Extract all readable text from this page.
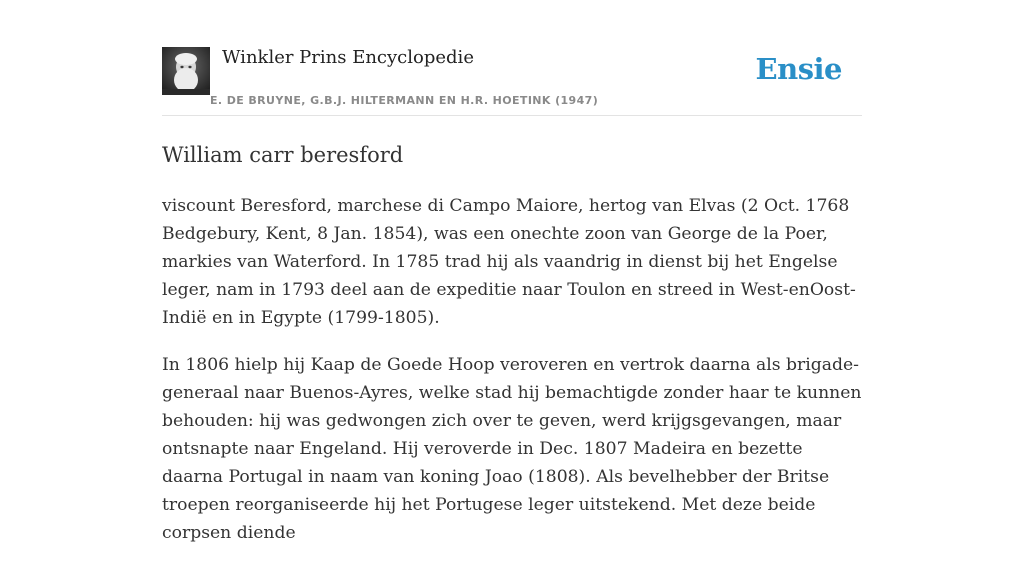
Winkler Prins Encyclopedie
E. DE BRUYNE, G.B.J. HILTERMANN EN H.R. HOETINK (1947)
Ensie
William carr beresford

viscount Beresford, marchese di Campo Maiore, hertog van Elvas (2 Oct. 1768 Bedgebury, Kent, 8 Jan. 1854), was een onechte zoon van George de la Poer, markies van Waterford. In 1785 trad hij als vaandrig in dienst bij het Engelse leger, nam in 1793 deel aan de expeditie naar Toulon en streed in West-enOost-Indië en in Egypte (1799-1805).

In 1806 hielp hij Kaap de Goede Hoop veroveren en vertrok daarna als brigade-generaal naar Buenos-Ayres, welke stad hij bemachtigde zonder haar te kunnen behouden: hij was gedwongen zich over te geven, werd krijgsgevangen, maar ontsnapte naar Engeland. Hij veroverde in Dec. 1807 Madeira en bezette daarna Portugal in naam van koning Joao (1808). Als bevelhebber der Britse troepen reorganiseerde hij het Portugese leger uitstekend. Met deze beide corpsen diende
